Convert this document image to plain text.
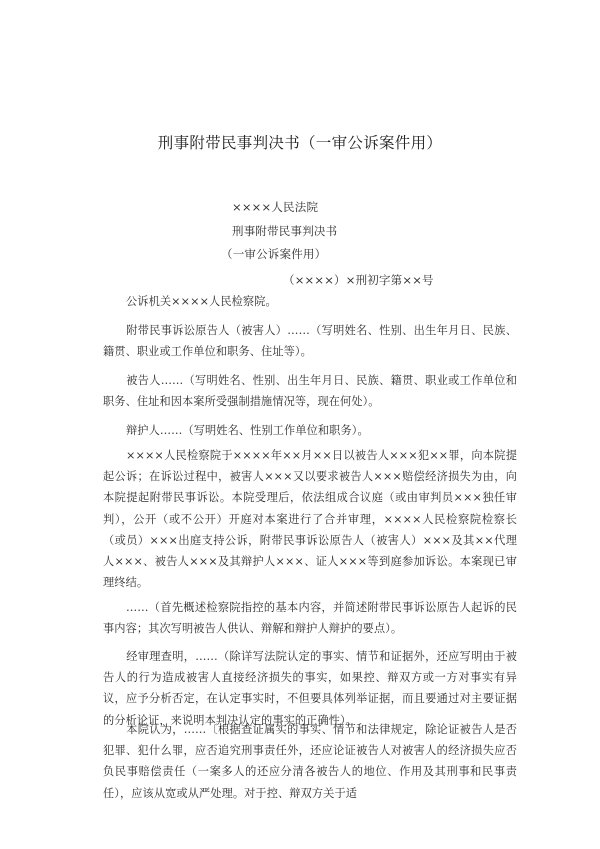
刑事附带民事判决书（一审公诉案件用）
××××人民法院
刑事附带民事判决书
（一审公诉案件用）
（××××）×刑初字第××号
公诉机关××××人民检察院。
附带民事诉讼原告人（被害人）……（写明姓名、性别、出生年月日、民族、籍贯、职业或工作单位和职务、住址等）。
被告人……（写明姓名、性别、出生年月日、民族、籍贯、职业或工作单位和职务、住址和因本案所受强制措施情况等，现在何处）。
辩护人……（写明姓名、性别工作单位和职务）。
××××人民检察院于××××年××月××日以被告人×××犯××罪，向本院提起公诉；在诉讼过程中，被害人×××又以要求被告人×××赔偿经济损失为由，向本院提起附带民事诉讼。本院受理后，依法组成合议庭（或由审判员×××独任审判），公开（或不公开）开庭对本案进行了合并审理，××××人民检察院检察长（或员）×××出庭支持公诉，附带民事诉讼原告人（被害人）×××及其××代理人×××、被告人×××及其辩护人×××、证人×××等到庭参加诉讼。本案现已审理终结。
……（首先概述检察院指控的基本内容，并简述附带民事诉讼原告人起诉的民事内容；其次写明被告人供认、辩解和辩护人辩护的要点）。
经审理查明，……（除详写法院认定的事实、情节和证据外，还应写明由于被告人的行为造成被害人直接经济损失的事实，如果控、辩双方或一方对事实有异议，应予分析否定，在认定事实时，不但要具体列举证据，而且要通过对主要证据的分析论证，来说明本判决认定的事实的正确性）。
本院认为，……〔根据查证属实的事实、情节和法律规定，除论证被告人是否犯罪、犯什么罪，应否追究刑事责任外，还应论证被告人对被害人的经济损失应否负民事赔偿责任（一案多人的还应分清各被告人的地位、作用及其刑事和民事责任），应该从宽或从严处理。对于控、辩双方关于适
